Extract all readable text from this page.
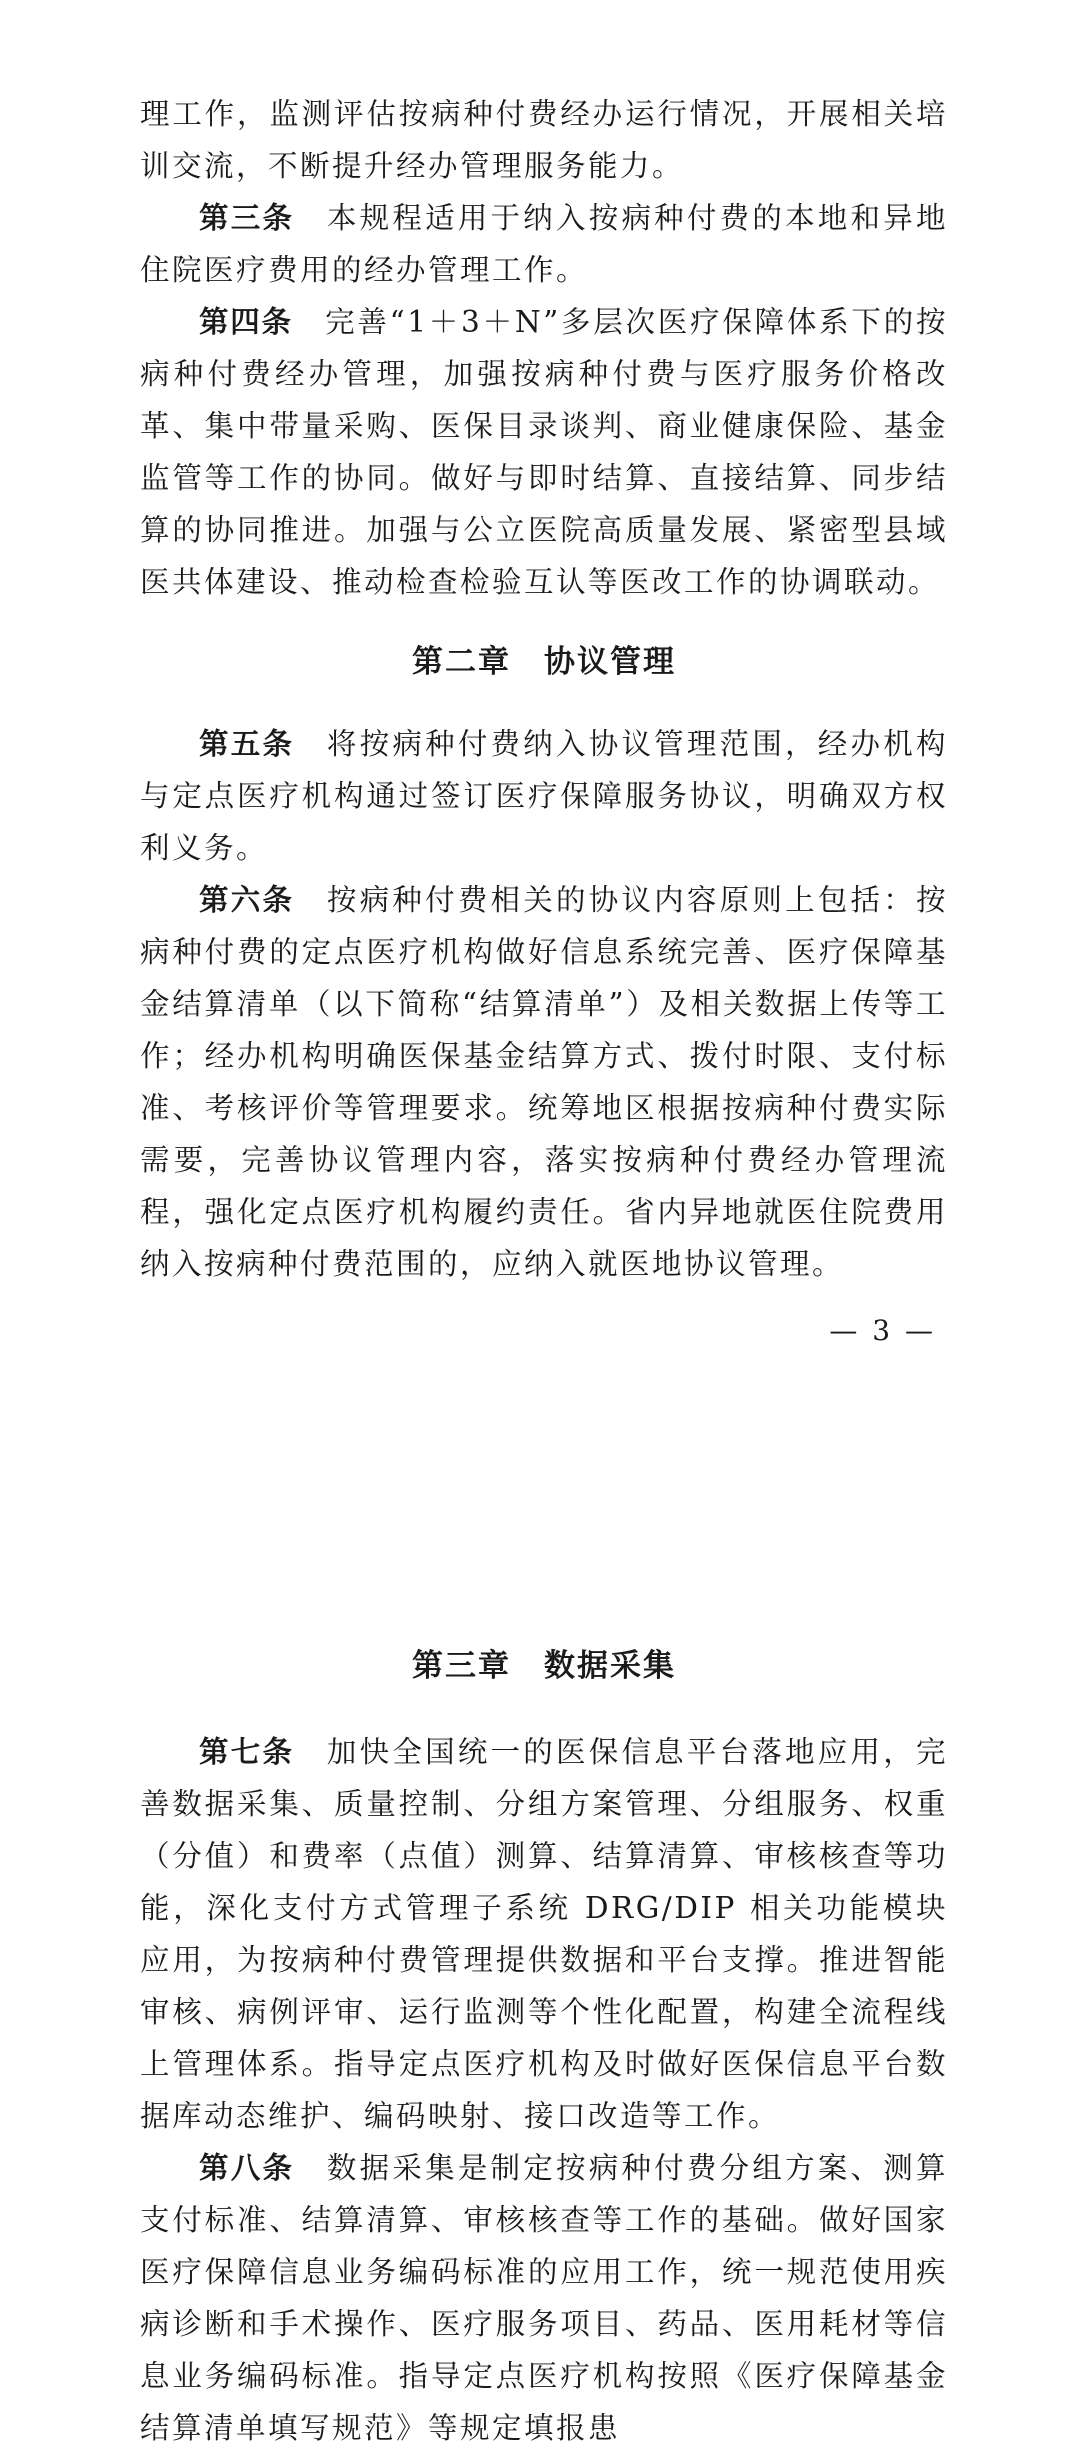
理工作，监测评估按病种付费经办运行情况，开展相关培训交流，不断提升经办管理服务能力。

第三条　 本规程适用于纳入按病种付费的本地和异地住院医疗费用的经办管理工作。

第四条　 完善“1＋3＋N”多层次医疗保障体系下的按病种付费经办管理，加强按病种付费与医疗服务价格改革、集中带量采购、医保目录谈判、商业健康保险、基金监管等工作的协同。做好与即时结算、直接结算、同步结算的协同推进。加强与公立医院高质量发展、紧密型县域医共体建设、推动检查检验互认等医改工作的协调联动。

第二章　协议管理

第五条　 将按病种付费纳入协议管理范围，经办机构与定点医疗机构通过签订医疗保障服务协议，明确双方权利义务。

第六条　 按病种付费相关的协议内容原则上包括：按病种付费的定点医疗机构做好信息系统完善、医疗保障基金结算清单（以下简称“结算清单”）及相关数据上传等工作；经办机构明确医保基金结算方式、拨付时限、支付标准、考核评价等管理要求。统筹地区根据按病种付费实际需要，完善协议管理内容，落实按病种付费经办管理流程，强化定点医疗机构履约责任。省内异地就医住院费用纳入按病种付费范围的，应纳入就医地协议管理。

— 3 —
第三章　数据采集

第七条　 加快全国统一的医保信息平台落地应用，完善数据采集、质量控制、分组方案管理、分组服务、权重（分值）和费率（点值）测算、结算清算、审核核查等功能，深化支付方式管理子系统 DRG/DIP 相关功能模块应用，为按病种付费管理提供数据和平台支撑。推进智能审核、病例评审、运行监测等个性化配置，构建全流程线上管理体系。指导定点医疗机构及时做好医保信息平台数据库动态维护、编码映射、接口改造等工作。

第八条　 数据采集是制定按病种付费分组方案、测算支付标准、结算清算、审核核查等工作的基础。做好国家医疗保障信息业务编码标准的应用工作，统一规范使用疾病诊断和手术操作、医疗服务项目、药品、医用耗材等信息业务编码标准。指导定点医疗机构按照《医疗保障基金结算清单填写规范》等规定填报患
